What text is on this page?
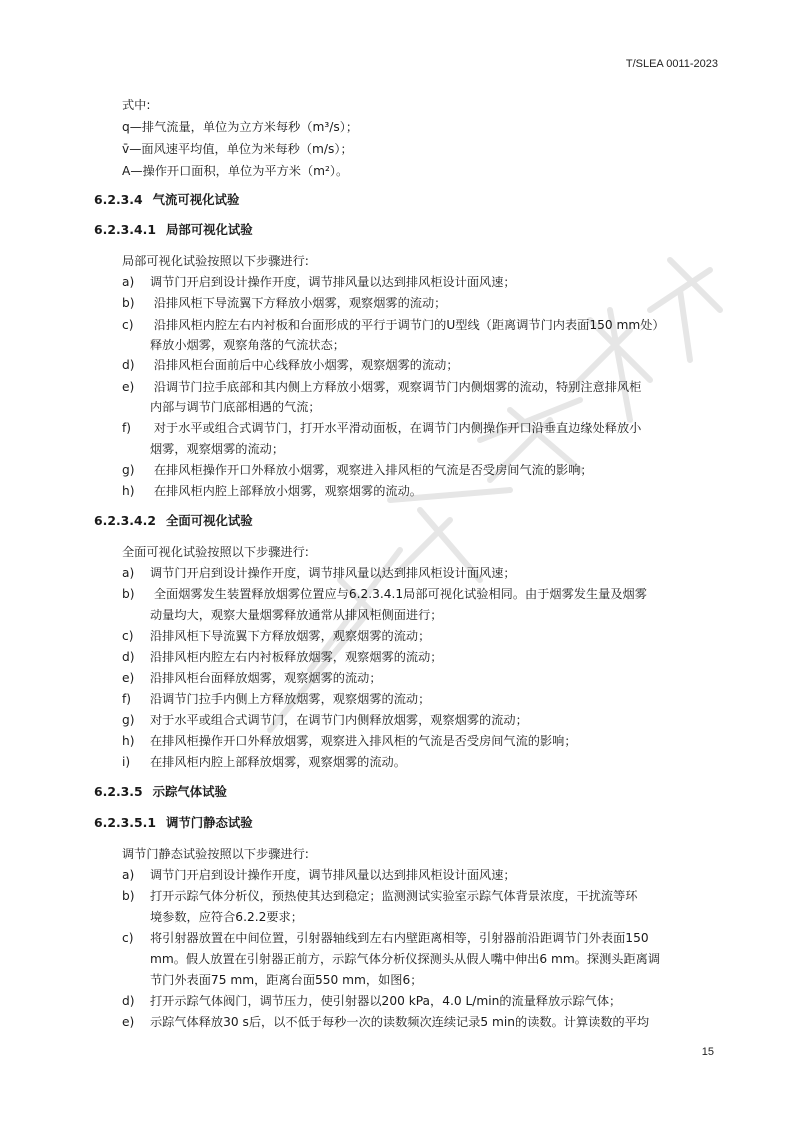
T/SLEA 0011-2023
式中:
q—排气流量，单位为立方米每秒（m³/s）；
v̄—面风速平均值，单位为米每秒（m/s）；
A—操作开口面积，单位为平方米（m²）。
6.2.3.4 气流可视化试验
6.2.3.4.1 局部可视化试验
局部可视化试验按照以下步骤进行:
a) 调节门开启到设计操作开度，调节排风量以达到排风柜设计面风速；
b) 沿排风柜下导流翼下方释放小烟雾，观察烟雾的流动；
c) 沿排风柜内腔左右内衬板和台面形成的平行于调节门的U型线（距离调节门内表面150 mm处）
释放小烟雾，观察角落的气流状态；
d) 沿排风柜台面前后中心线释放小烟雾，观察烟雾的流动；
e) 沿调节门拉手底部和其内侧上方释放小烟雾，观察调节门内侧烟雾的流动，特别注意排风柜
内部与调节门底部相遇的气流；
f) 对于水平或组合式调节门，打开水平滑动面板，在调节门内侧操作开口沿垂直边缘处释放小
烟雾，观察烟雾的流动；
g) 在排风柜操作开口外释放小烟雾，观察进入排风柜的气流是否受房间气流的影响；
h) 在排风柜内腔上部释放小烟雾，观察烟雾的流动。
6.2.3.4.2 全面可视化试验
全面可视化试验按照以下步骤进行:
a) 调节门开启到设计操作开度，调节排风量以达到排风柜设计面风速；
b) 全面烟雾发生装置释放烟雾位置应与6.2.3.4.1局部可视化试验相同。由于烟雾发生量及烟雾
动量均大，观察大量烟雾释放通常从排风柜侧面进行；
c) 沿排风柜下导流翼下方释放烟雾，观察烟雾的流动；
d) 沿排风柜内腔左右内衬板释放烟雾，观察烟雾的流动；
e) 沿排风柜台面释放烟雾，观察烟雾的流动；
f) 沿调节门拉手内侧上方释放烟雾，观察烟雾的流动；
g) 对于水平或组合式调节门，在调节门内侧释放烟雾，观察烟雾的流动；
h) 在排风柜操作开口外释放烟雾，观察进入排风柜的气流是否受房间气流的影响；
i) 在排风柜内腔上部释放烟雾，观察烟雾的流动。
6.2.3.5 示踪气体试验
6.2.3.5.1 调节门静态试验
调节门静态试验按照以下步骤进行:
a) 调节门开启到设计操作开度，调节排风量以达到排风柜设计面风速；
b) 打开示踪气体分析仪，预热使其达到稳定；监测测试实验室示踪气体背景浓度，干扰流等环
境参数，应符合6.2.2要求；
c) 将引射器放置在中间位置，引射器轴线到左右内壁距离相等，引射器前沿距调节门外表面150
mm。假人放置在引射器正前方，示踪气体分析仪探测头从假人嘴中伸出6 mm。探测头距离调
节门外表面75 mm，距离台面550 mm，如图6；
d) 打开示踪气体阀门，调节压力，使引射器以200 kPa，4.0 L/min的流量释放示踪气体；
e) 示踪气体释放30 s后，以不低于每秒一次的读数频次连续记录5 min的读数。计算读数的平均
15
